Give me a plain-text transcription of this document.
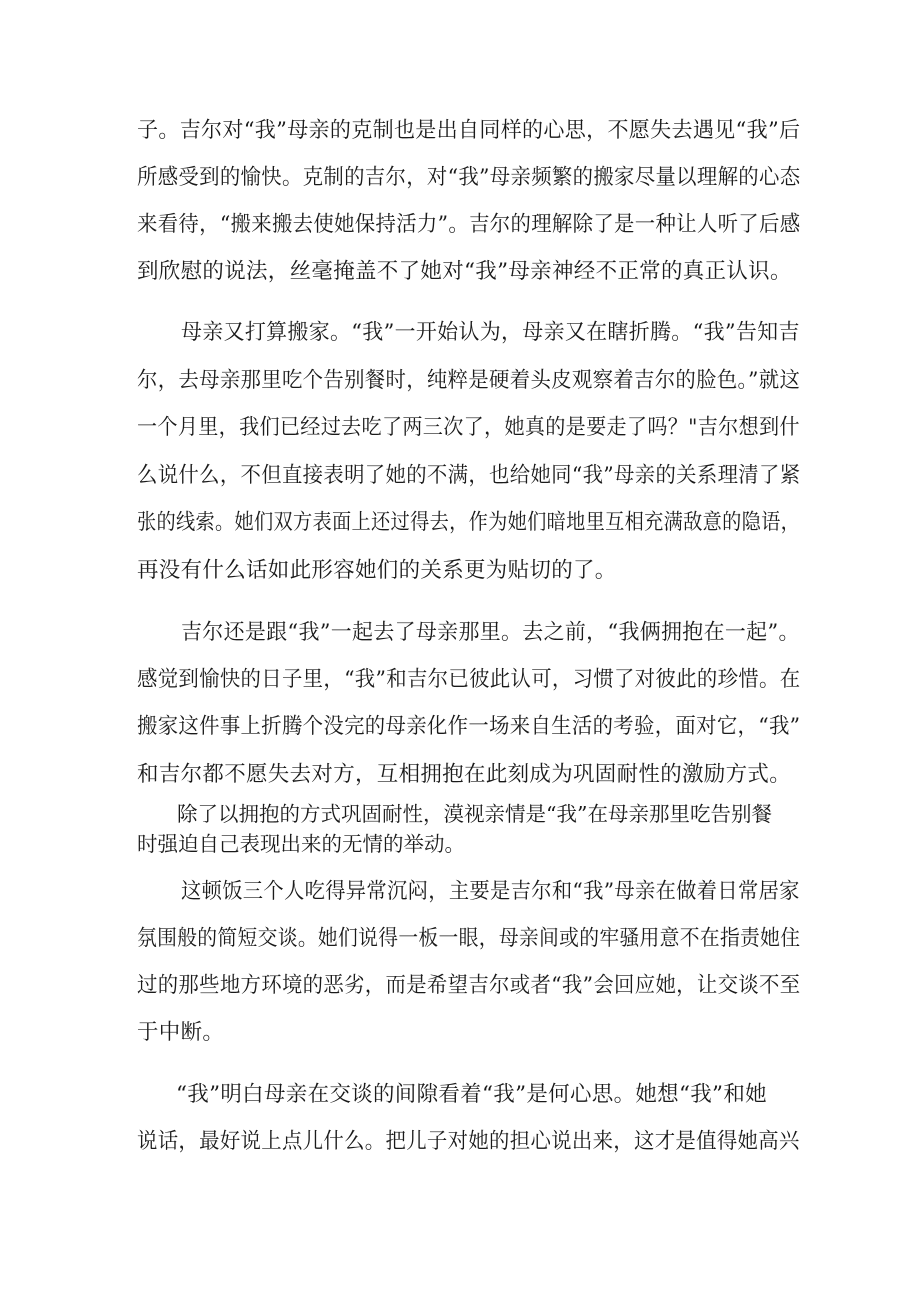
子。吉尔对“我”母亲的克制也是出自同样的心思，不愿失去遇见“我”后

所感受到的愉快。克制的吉尔，对“我”母亲频繁的搬家尽量以理解的心态

来看待，“搬来搬去使她保持活力”。吉尔的理解除了是一种让人听了后感

到欣慰的说法，丝毫掩盖不了她对“我”母亲神经不正常的真正认识。

母亲又打算搬家。“我”一开始认为，母亲又在瞎折腾。“我”告知吉

尔，去母亲那里吃个告别餐时，纯粹是硬着头皮观察着吉尔的脸色。”就这

一个月里，我们已经过去吃了两三次了，她真的是要走了吗？"吉尔想到什

么说什么，不但直接表明了她的不满，也给她同“我”母亲的关系理清了紧

张的线索。她们双方表面上还过得去，作为她们暗地里互相充满敌意的隐语，

再没有什么话如此形容她们的关系更为贴切的了。

吉尔还是跟“我”一起去了母亲那里。去之前，“我俩拥抱在一起”。

感觉到愉快的日子里，“我”和吉尔已彼此认可，习惯了对彼此的珍惜。在

搬家这件事上折腾个没完的母亲化作一场来自生活的考验，面对它，“我”

和吉尔都不愿失去对方，互相拥抱在此刻成为巩固耐性的激励方式。

除了以拥抱的方式巩固耐性，漠视亲情是“我”在母亲那里吃告别餐

时强迫自己表现出来的无情的举动。

这顿饭三个人吃得异常沉闷，主要是吉尔和“我”母亲在做着日常居家

氛围般的简短交谈。她们说得一板一眼，母亲间或的牢骚用意不在指责她住

过的那些地方环境的恶劣，而是希望吉尔或者“我”会回应她，让交谈不至

于中断。

“我”明白母亲在交谈的间隙看着“我”是何心思。她想“我”和她

说话，最好说上点儿什么。把儿子对她的担心说出来，这才是值得她高兴
